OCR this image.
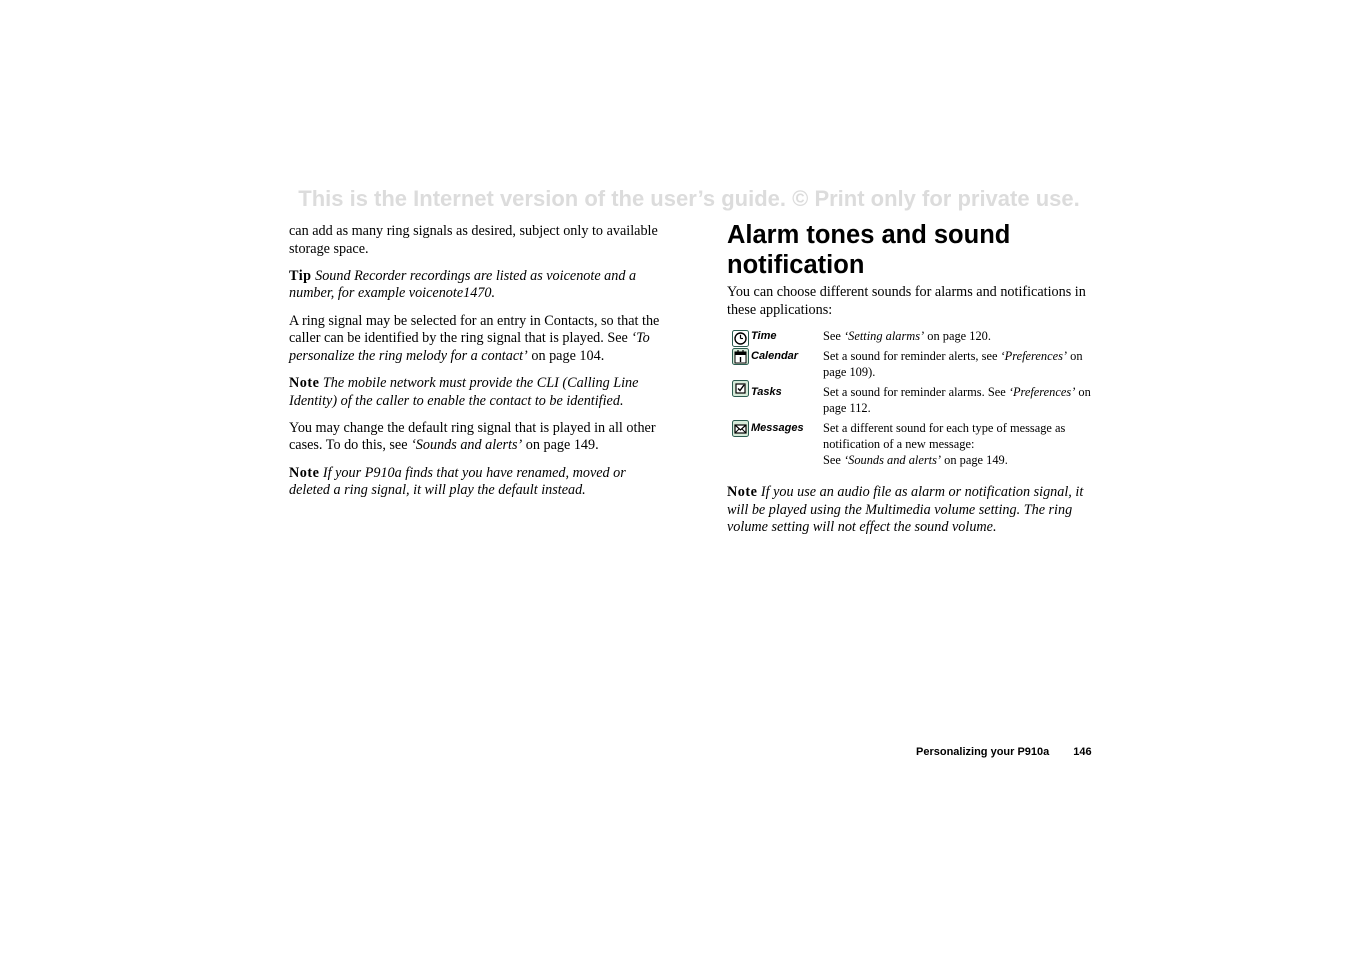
This is the Internet version of the user’s guide. © Print only for private use.

can add as many ring signals as desired, subject only to available storage space.

Tip Sound Recorder recordings are listed as voicenote and a number, for example voicenote1470.

A ring signal may be selected for an entry in Contacts, so that the caller can be identified by the ring signal that is played. See ‘To personalize the ring melody for a contact’ on page 104.

Note The mobile network must provide the CLI (Calling Line Identity) of the caller to enable the contact to be identified.

You may change the default ring signal that is played in all other cases. To do this, see ‘Sounds and alerts’ on page 149.

Note If your P910a finds that you have renamed, moved or deleted a ring signal, it will play the default instead.

Alarm tones and sound notification

You can choose different sounds for alarms and notifications in these applications:

Time	See ‘Setting alarms’ on page 120.
Calendar	Set a sound for reminder alerts, see ‘Preferences’ on page 109).
Tasks	Set a sound for reminder alarms. See ‘Preferences’ on page 112.
Messages	Set a different sound for each type of message as notification of a new message:
See ‘Sounds and alerts’ on page 149.

Note If you use an audio file as alarm or notification signal, it will be played using the Multimedia volume setting. The ring volume setting will not effect the sound volume.

Personalizing your P910a 146
